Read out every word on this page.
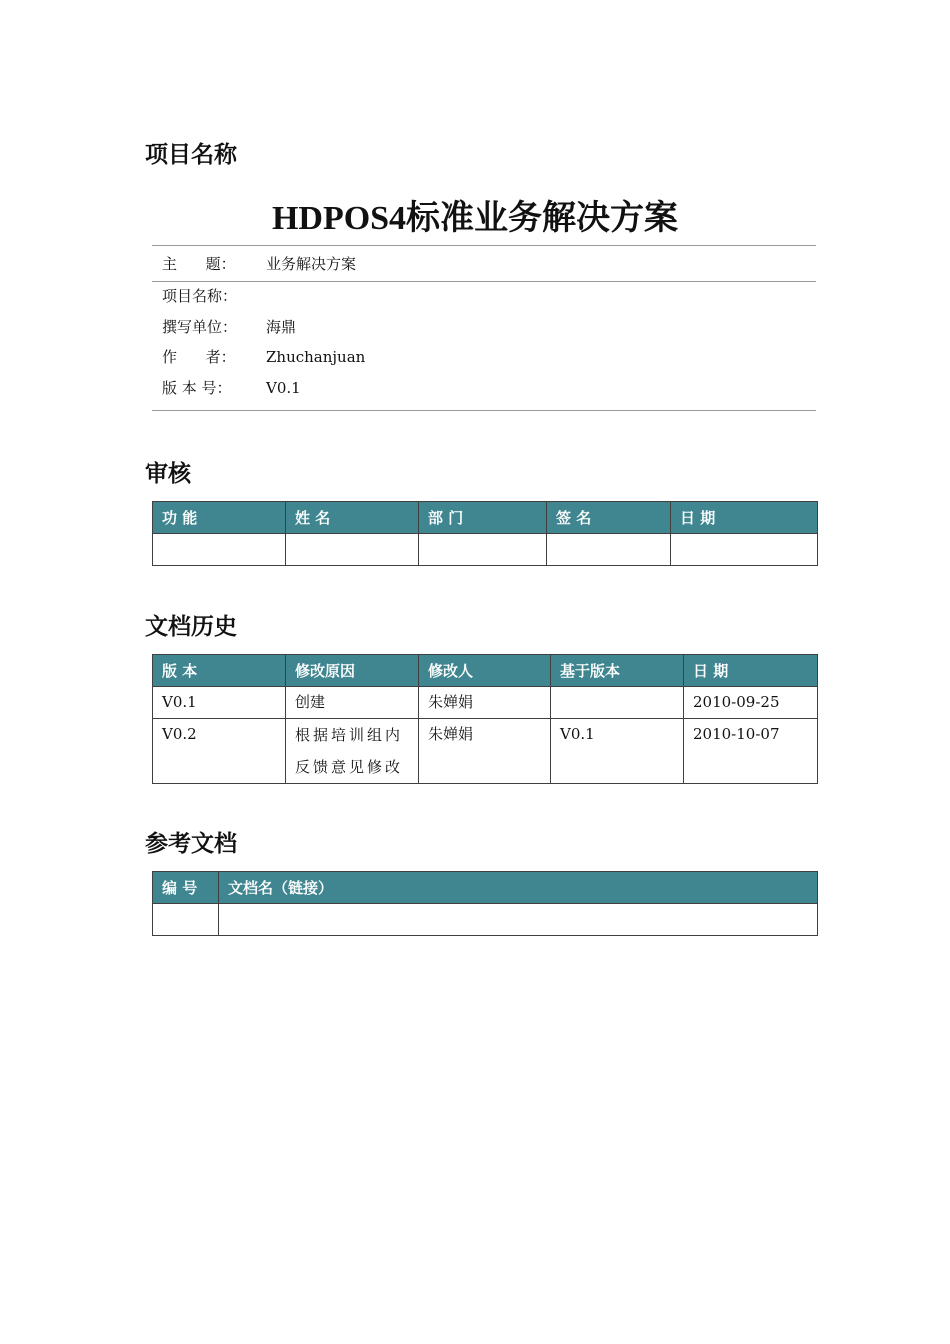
项目名称
HDPOS4标准业务解决方案
主      题： 业务解决方案
项目名称：
撰写单位： 海鼎
作      者： Zhuchanjuan
版 本 号： V0.1
审核
功 能	姓 名	部 门	签 名	日 期

文档历史
版 本	修改原因	修改人	基于版本	日 期
V0.1	创建	朱婵娟		2010-09-25
V0.2	根据培训组内反馈意见修改	朱婵娟	V0.1	2010-10-07
参考文档
编 号	文档名（链接）
